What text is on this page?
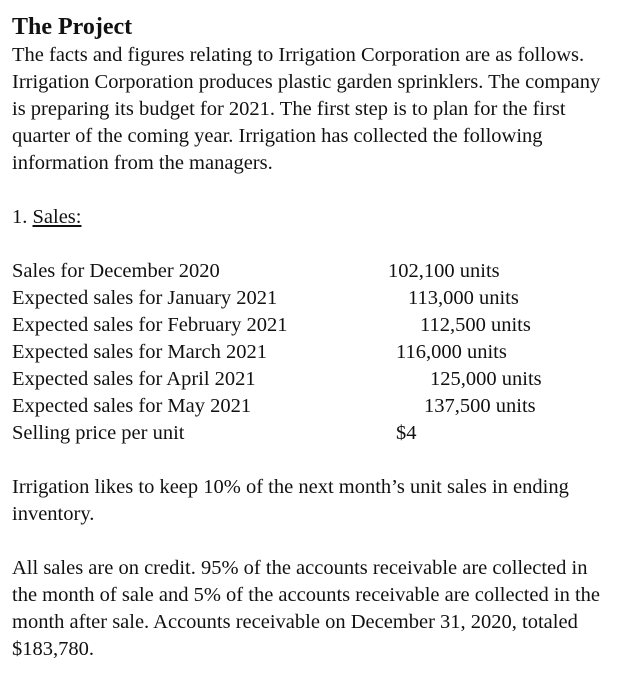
The Project

The facts and figures relating to Irrigation Corporation are as follows. Irrigation Corporation produces plastic garden sprinklers. The company is preparing its budget for 2021. The first step is to plan for the first quarter of the coming year. Irrigation has collected the following information from the managers.

1. Sales:
Sales for December 2020	102,100 units
Expected sales for January 2021	113,000 units
Expected sales for February 2021	112,500 units
Expected sales for March 2021	116,000 units
Expected sales for April 2021	125,000 units
Expected sales for May 2021	137,500 units
Selling price per unit	$4

Irrigation likes to keep 10% of the next month’s unit sales in ending inventory.

All sales are on credit. 95% of the accounts receivable are collected in the month of sale and 5% of the accounts receivable are collected in the month after sale. Accounts receivable on December 31, 2020, totaled $183,780.
